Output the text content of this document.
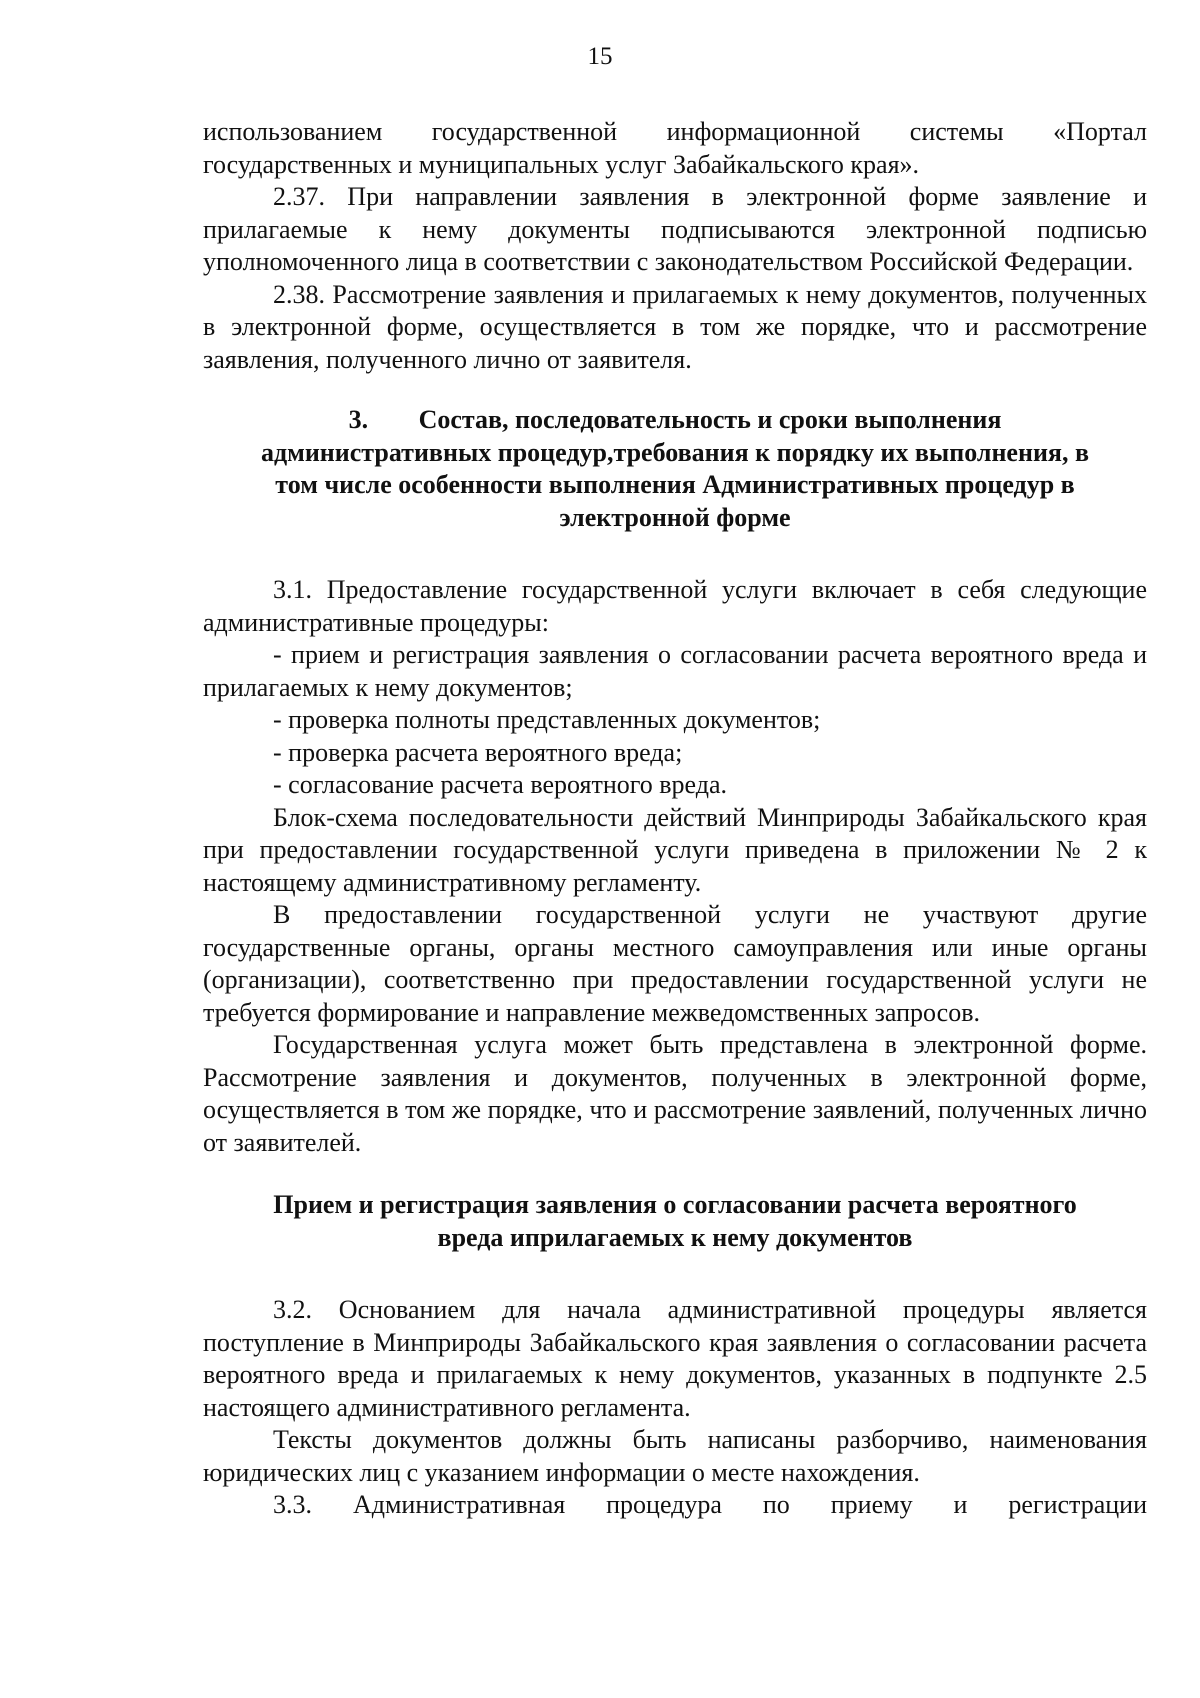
15

использованием государственной информационной системы «Портал государственных и муниципальных услуг Забайкальского края».

2.37. При направлении заявления в электронной форме заявление и прилагаемые к нему документы подписываются электронной подписью уполномоченного лица в соответствии с законодательством Российской Федерации.

2.38. Рассмотрение заявления и прилагаемых к нему документов, полученных в электронной форме, осуществляется в том же порядке, что и рассмотрение заявления, полученного лично от заявителя.

3. Состав, последовательность и сроки выполнения

административных процедур,требования к порядку их выполнения, в

том числе особенности выполнения Административных процедур в

электронной форме

3.1. Предоставление государственной услуги включает в себя следующие административные процедуры:

- прием и регистрация заявления о согласовании расчета вероятного вреда и прилагаемых к нему документов;

- проверка полноты представленных документов;

- проверка расчета вероятного вреда;

- согласование расчета вероятного вреда.

Блок-схема последовательности действий Минприроды Забайкальского края при предоставлении государственной услуги приведена в приложении № 2 к настоящему административному регламенту.

В предоставлении государственной услуги не участвуют другие государственные органы, органы местного самоуправления или иные органы (организации), соответственно при предоставлении государственной услуги не требуется формирование и направление межведомственных запросов.

Государственная услуга может быть представлена в электронной форме. Рассмотрение заявления и документов, полученных в электронной форме, осуществляется в том же порядке, что и рассмотрение заявлений, полученных лично от заявителей.

Прием и регистрация заявления о согласовании расчета вероятного

вреда иприлагаемых к нему документов

3.2. Основанием для начала административной процедуры является поступление в Минприроды Забайкальского края заявления о согласовании расчета вероятного вреда и прилагаемых к нему документов, указанных в подпункте 2.5 настоящего административного регламента.

Тексты документов должны быть написаны разборчиво, наименования юридических лиц с указанием информации о месте нахождения.

3.3. Административная процедура по приему и регистрации
